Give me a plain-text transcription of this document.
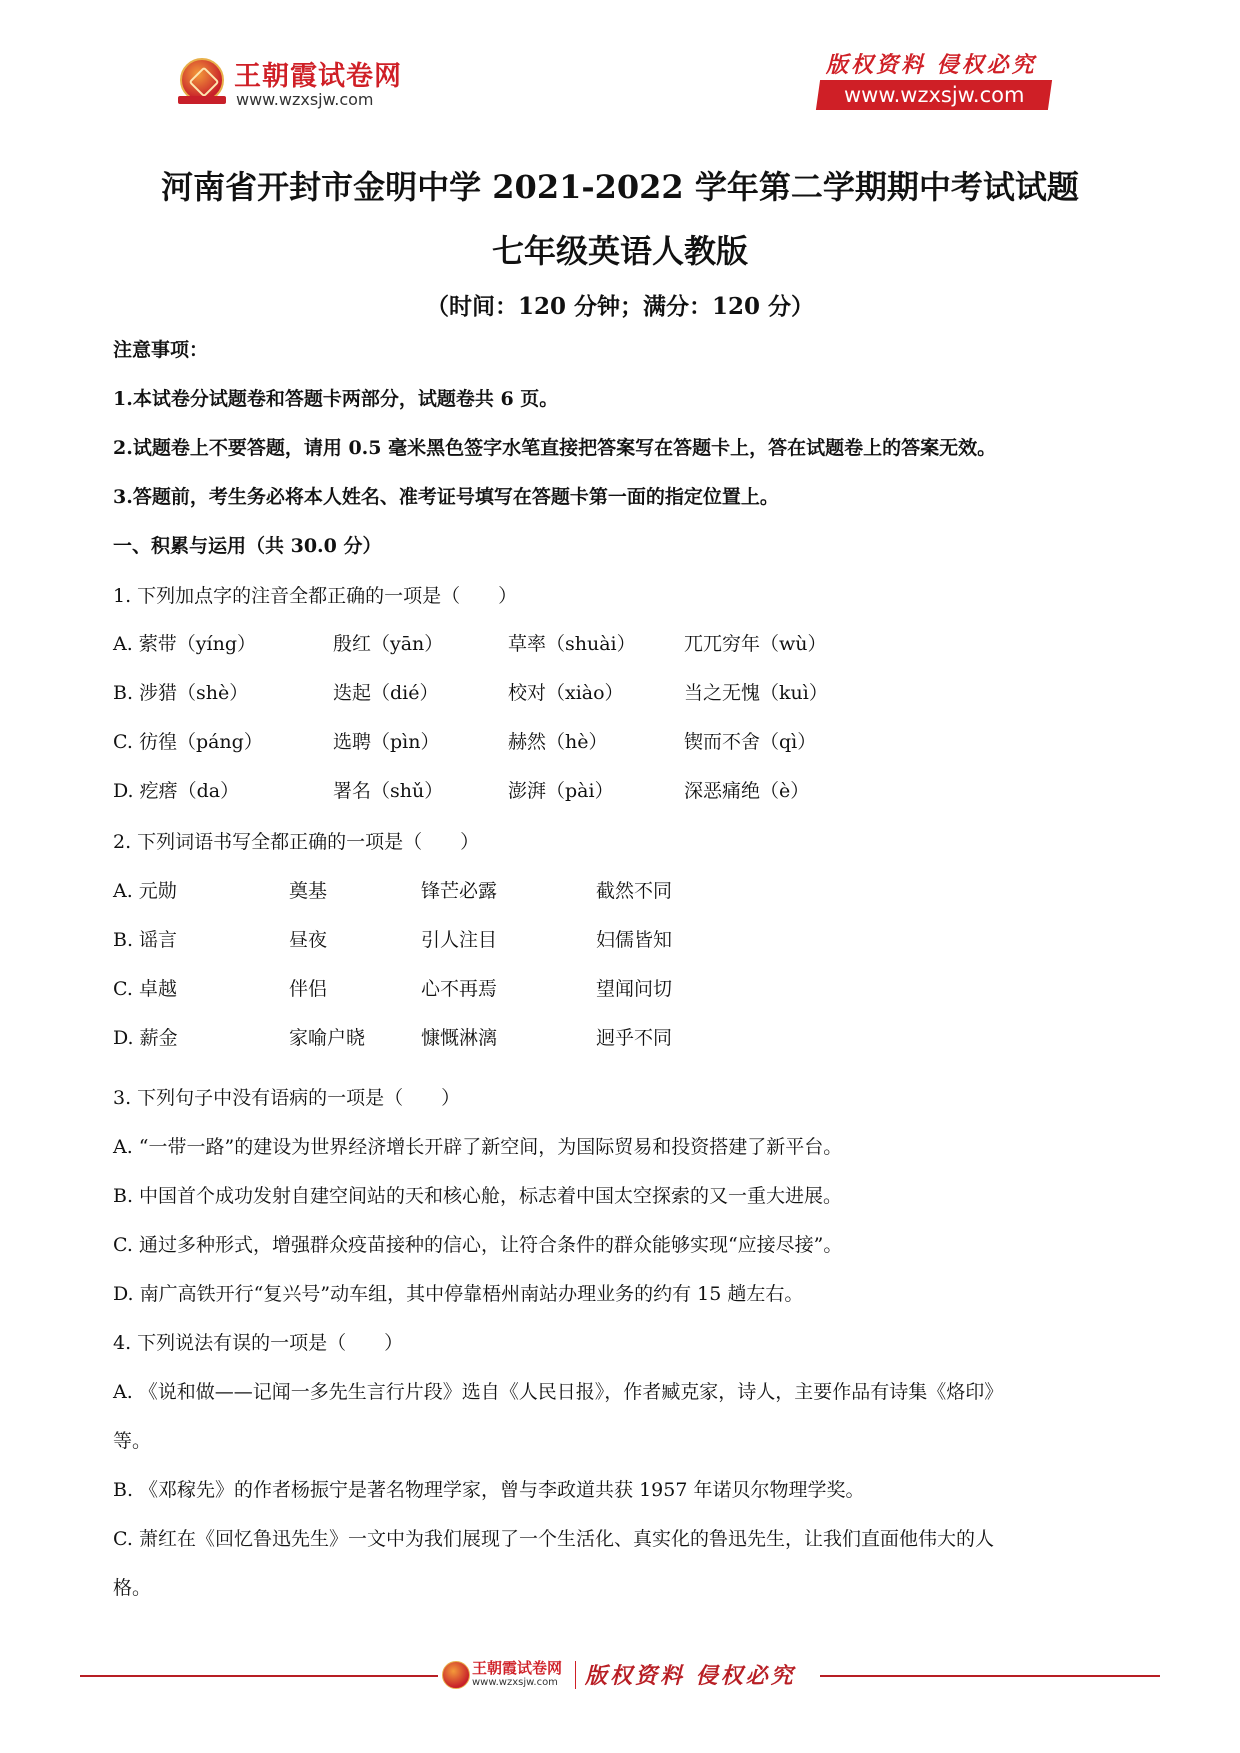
王朝霞试卷网
www.wzxsjw.com
版权资料 侵权必究
www.wzxsjw.com
河南省开封市金明中学 2021-2022 学年第二学期期中考试试题
七年级英语人教版
（时间：120 分钟；满分：120 分）
注意事项：
1.本试卷分试题卷和答题卡两部分，试题卷共 6 页。
2.试题卷上不要答题，请用 0.5 毫米黑色签字水笔直接把答案写在答题卡上，答在试题卷上的答案无效。
3.答题前，考生务必将本人姓名、准考证号填写在答题卡第一面的指定位置上。
一、积累与运用（共 30.0 分）
1. 下列加点字的注音全都正确的一项是（　　）
A. 萦带（yíng）	殷红（yān）	草率（shuài）	兀兀穷年（wù）
B. 涉猎（shè）	迭起（dié）	校对（xiào）	当之无愧（kuì）
C. 彷徨（páng）	选聘（pìn）	赫然（hè）	锲而不舍（qì）
D. 疙瘩（da）	署名（shǔ）	澎湃（pài）	深恶痛绝（è）
2. 下列词语书写全都正确的一项是（　　）
A. 元勋	奠基	锋芒必露	截然不同
B. 谣言	昼夜	引人注目	妇儒皆知
C. 卓越	伴侣	心不再焉	望闻问切
D. 薪金	家喻户晓	慷慨淋漓	迥乎不同
3. 下列句子中没有语病的一项是（　　）
A. “一带一路”的建设为世界经济增长开辟了新空间，为国际贸易和投资搭建了新平台。
B. 中国首个成功发射自建空间站的天和核心舱，标志着中国太空探索的又一重大进展。
C. 通过多种形式，增强群众疫苗接种的信心，让符合条件的群众能够实现“应接尽接”。
D. 南广高铁开行“复兴号”动车组，其中停靠梧州南站办理业务的约有 15 趟左右。
4. 下列说法有误的一项是（　　）
A. 《说和做——记闻一多先生言行片段》选自《人民日报》，作者臧克家，诗人，主要作品有诗集《烙印》
等。
B. 《邓稼先》的作者杨振宁是著名物理学家，曾与李政道共获 1957 年诺贝尔物理学奖。
C. 萧红在《回忆鲁迅先生》一文中为我们展现了一个生活化、真实化的鲁迅先生，让我们直面他伟大的人
格。
王朝霞试卷网
www.wzxsjw.com 版权资料 侵权必究
